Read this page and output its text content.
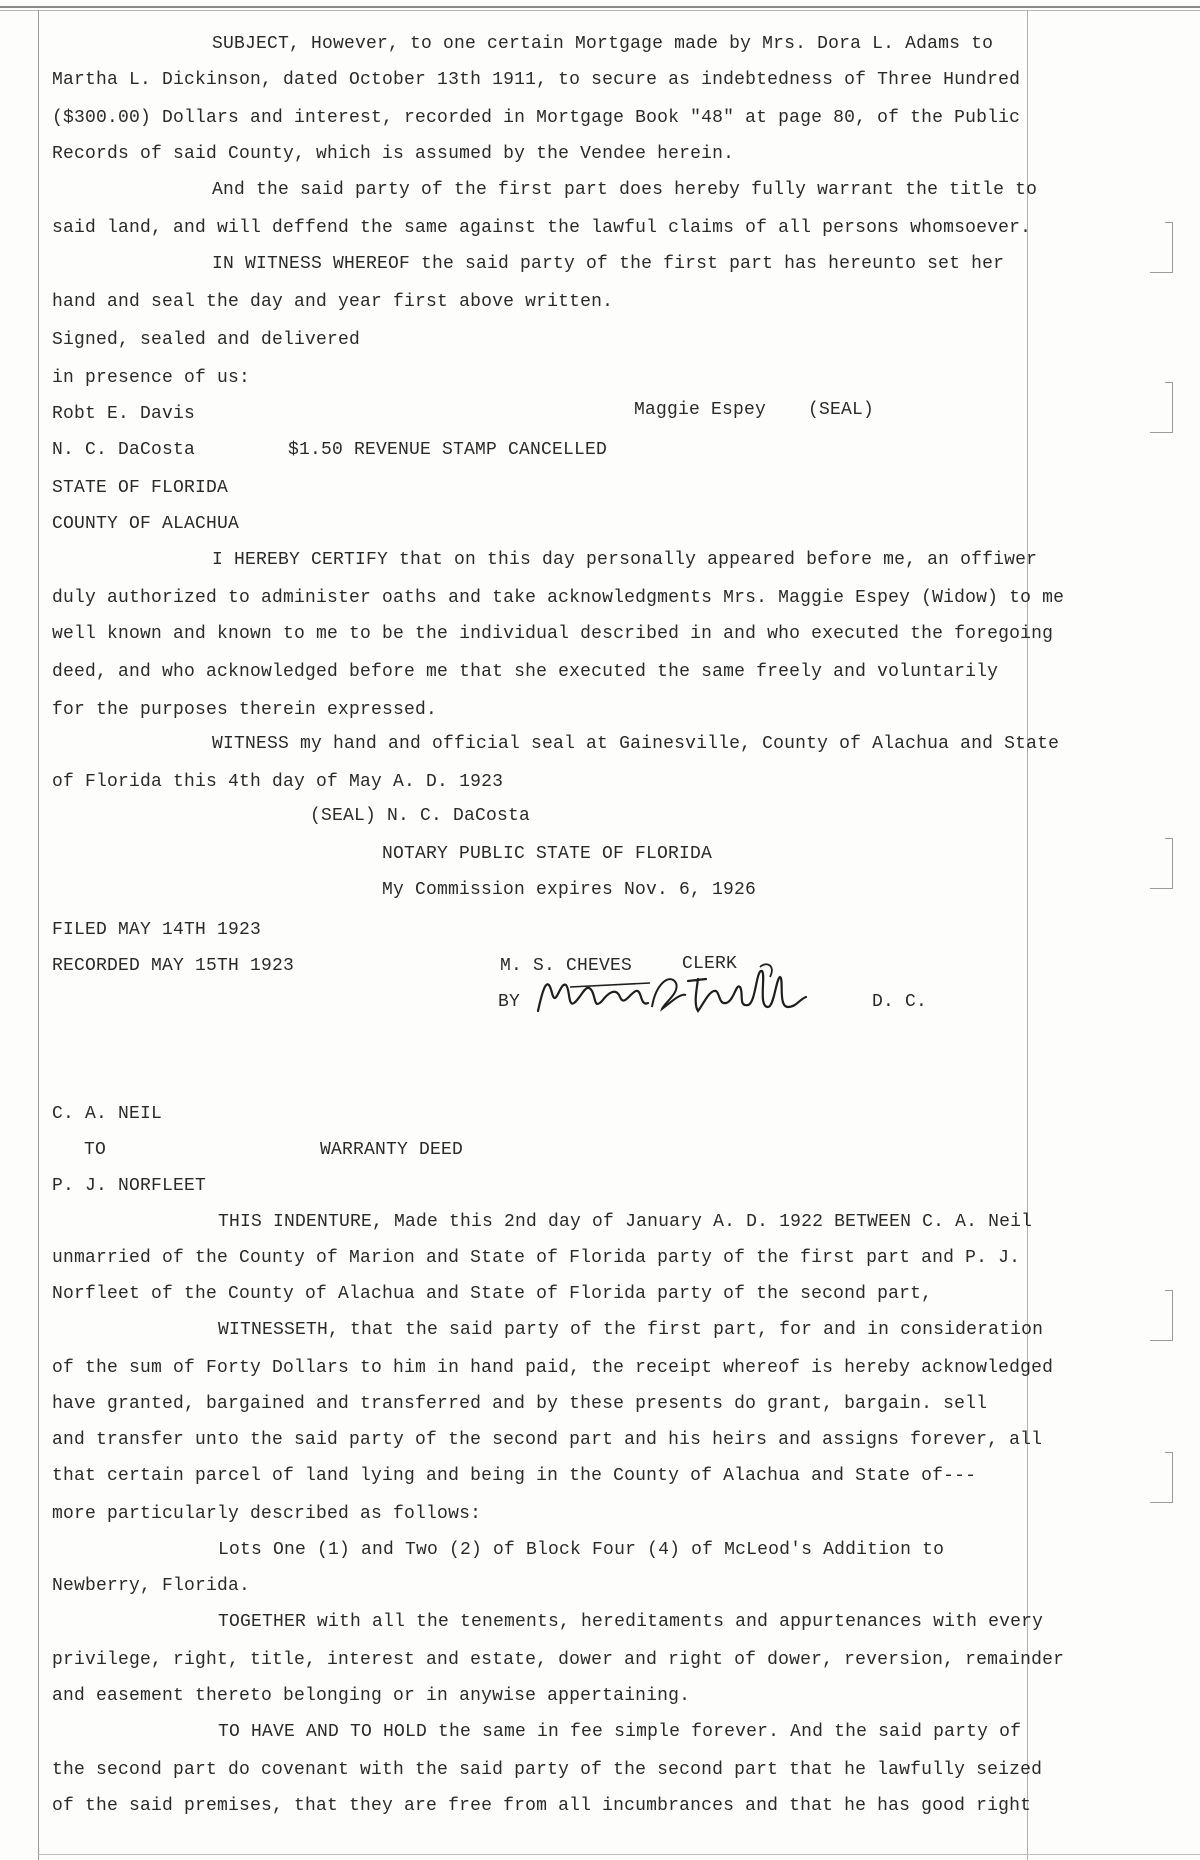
SUBJECT, However, to one certain Mortgage made by Mrs. Dora L. Adams to
Martha L. Dickinson, dated October 13th 1911, to secure as indebtedness of Three Hundred
($300.00) Dollars and interest, recorded in Mortgage Book "48" at page 80, of the Public
Records of said County, which is assumed by the Vendee herein.
And the said party of the first part does hereby fully warrant the title to
said land, and will deffend the same against the lawful claims of all persons whomsoever.
IN WITNESS WHEREOF the said party of the first part has hereunto set her
hand and seal the day and year first above written.
Signed, sealed and delivered
in presence of us:
Robt E. Davis	Maggie Espey (SEAL)
N. C. DaCosta	$1.50 REVENUE STAMP CANCELLED
STATE OF FLORIDA
COUNTY OF ALACHUA
I HEREBY CERTIFY that on this day personally appeared before me, an offiwer
duly authorized to administer oaths and take acknowledgments Mrs. Maggie Espey (Widow) to me
well known and known to me to be the individual described in and who executed the foregoing
deed, and who acknowledged before me that she executed the same freely and voluntarily
for the purposes therein expressed.
WITNESS my hand and official seal at Gainesville, County of Alachua and State
of Florida this 4th day of May A. D. 1923
(SEAL) N. C. DaCosta
NOTARY PUBLIC STATE OF FLORIDA
My Commission expires Nov. 6, 1926
FILED MAY 14TH 1923
RECORDED MAY 15TH 1923	M. S. CHEVES	CLERK
BY	D. C.
C. A. NEIL
TO	WARRANTY DEED
P. J. NORFLEET
THIS INDENTURE, Made this 2nd day of January A. D. 1922 BETWEEN C. A. Neil
unmarried of the County of Marion and State of Florida party of the first part and P. J.
Norfleet of the County of Alachua and State of Florida party of the second part,
WITNESSETH, that the said party of the first part, for and in consideration
of the sum of Forty Dollars to him in hand paid, the receipt whereof is hereby acknowledged
have granted, bargained and transferred and by these presents do grant, bargain. sell
and transfer unto the said party of the second part and his heirs and assigns forever, all
that certain parcel of land lying and being in the County of Alachua and State of---
more particularly described as follows:
Lots One (1) and Two (2) of Block Four (4) of McLeod's Addition to
Newberry, Florida.
TOGETHER with all the tenements, hereditaments and appurtenances with every
privilege, right, title, interest and estate, dower and right of dower, reversion, remainder
and easement thereto belonging or in anywise appertaining.
TO HAVE AND TO HOLD the same in fee simple forever. And the said party of
the second part do covenant with the said party of the second part that he lawfully seized
of the said premises, that they are free from all incumbrances and that he has good right
